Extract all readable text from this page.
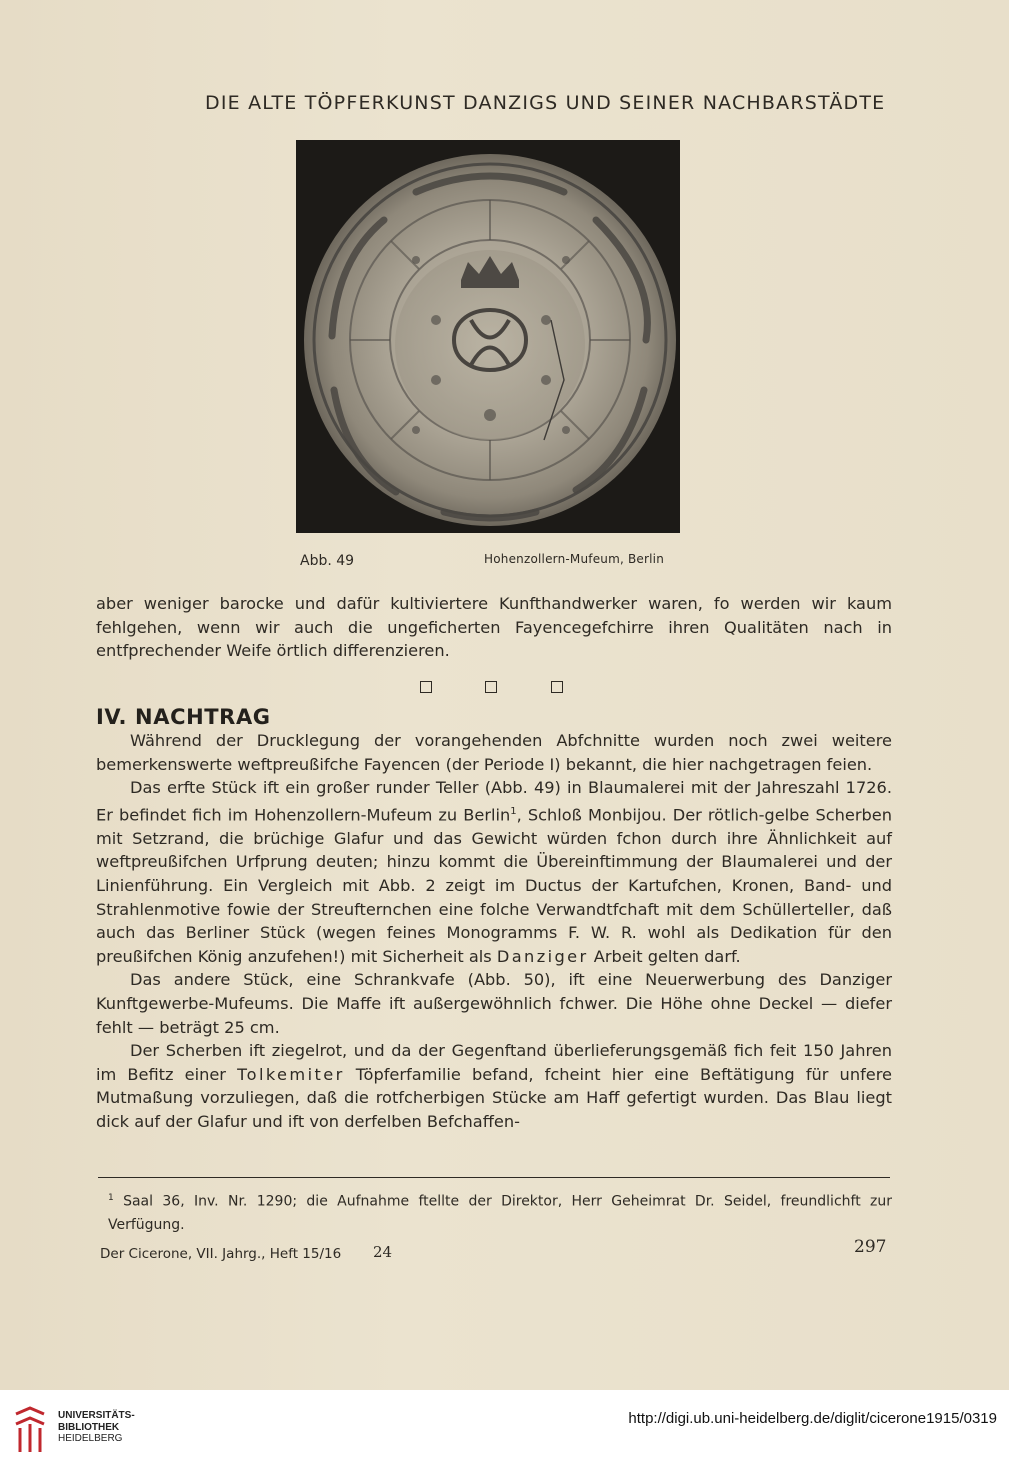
DIE ALTE TÖPFERKUNST DANZIGS UND SEINER NACHBARSTÄDTE
Abb. 49	Hohenzollern-Mufeum, Berlin

aber weniger barocke und dafür kultiviertere Kunfthandwerker waren, fo werden wir kaum fehlgehen, wenn wir auch die ungeficherten Fayencegefchirre ihren Qualitäten nach in entfprechender Weife örtlich differenzieren.

IV. NACHTRAG

Während der Drucklegung der vorangehenden Abfchnitte wurden noch zwei weitere bemerkenswerte weftpreußifche Fayencen (der Periode I) bekannt, die hier nachgetragen feien.

Das erfte Stück ift ein großer runder Teller (Abb. 49) in Blaumalerei mit der Jahreszahl 1726. Er befindet fich im Hohenzollern-Mufeum zu Berlin$^1$, Schloß Monbijou. Der rötlich-gelbe Scherben mit Setzrand, die brüchige Glafur und das Gewicht würden fchon durch ihre Ähnlichkeit auf weftpreußifchen Urfprung deuten; hinzu kommt die Übereinftimmung der Blaumalerei und der Linienführung. Ein Vergleich mit Abb. 2 zeigt im Ductus der Kartufchen, Kronen, Band- und Strahlenmotive fowie der Streufternchen eine folche Verwandtfchaft mit dem Schüllerteller, daß auch das Berliner Stück (wegen feines Monogramms F. W. R. wohl als Dedikation für den preußifchen König anzufehen!) mit Sicherheit als Danziger Arbeit gelten darf.

Das andere Stück, eine Schrankvafe (Abb. 50), ift eine Neuerwerbung des Danziger Kunftgewerbe-Mufeums. Die Maffe ift außergewöhnlich fchwer. Die Höhe ohne Deckel — diefer fehlt — beträgt 25 cm.

Der Scherben ift ziegelrot, und da der Gegenftand überlieferungsgemäß fich feit 150 Jahren im Befitz einer Tolkemiter Töpferfamilie befand, fcheint hier eine Beftätigung für unfere Mutmaßung vorzuliegen, daß die rotfcherbigen Stücke am Haff gefertigt wurden. Das Blau liegt dick auf der Glafur und ift von derfelben Befchaffen-

$^1$ Saal 36, Inv. Nr. 1290; die Aufnahme ftellte der Direktor, Herr Geheimrat Dr. Seidel, freundlichft zur Verfügung.
Der Cicerone, VII. Jahrg., Heft 15/16 24	297
UNIVERSITÄTS-
BIBLIOTHEK
HEIDELBERG
http://digi.ub.uni-heidelberg.de/diglit/cicerone1915/0319
